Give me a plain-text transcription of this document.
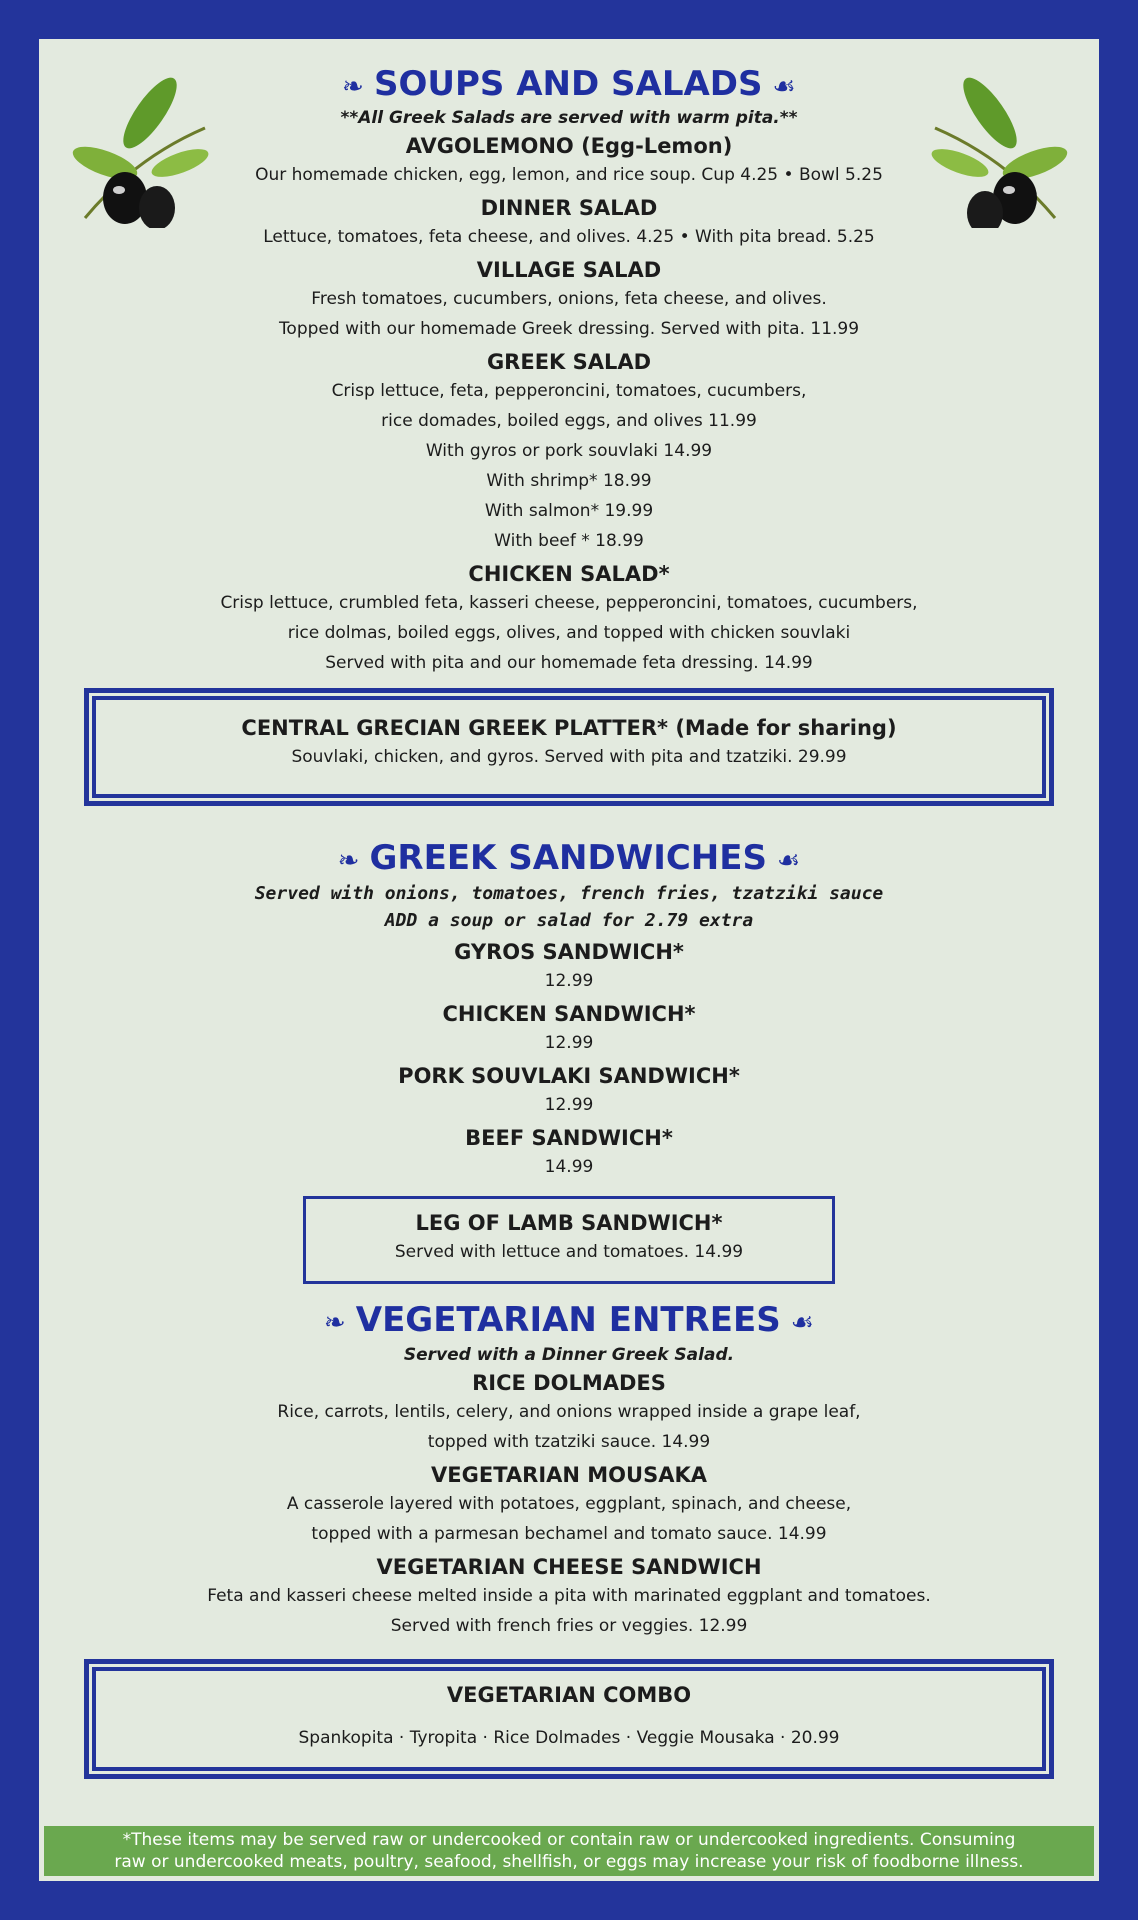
❧ SOUPS AND SALADS ☙

**All Greek Salads are served with warm pita.**

AVGOLEMONO (Egg-Lemon)

Our homemade chicken, egg, lemon, and rice soup. Cup 4.25 • Bowl 5.25

DINNER SALAD

Lettuce, tomatoes, feta cheese, and olives. 4.25 • With pita bread. 5.25

VILLAGE SALAD

Fresh tomatoes, cucumbers, onions, feta cheese, and olives.

Topped with our homemade Greek dressing. Served with pita. 11.99

GREEK SALAD

Crisp lettuce, feta, pepperoncini, tomatoes, cucumbers,

rice domades, boiled eggs, and olives 11.99

With gyros or pork souvlaki 14.99

With shrimp* 18.99

With salmon* 19.99

With beef * 18.99

CHICKEN SALAD*

Crisp lettuce, crumbled feta, kasseri cheese, pepperoncini, tomatoes, cucumbers,

rice dolmas, boiled eggs, olives, and topped with chicken souvlaki

Served with pita and our homemade feta dressing. 14.99

CENTRAL GRECIAN GREEK PLATTER* (Made for sharing)

Souvlaki, chicken, and gyros. Served with pita and tzatziki. 29.99

❧ GREEK SANDWICHES ☙

Served with onions, tomatoes, french fries, tzatziki sauce

ADD a soup or salad for 2.79 extra

GYROS SANDWICH*

12.99

CHICKEN SANDWICH*

12.99

PORK SOUVLAKI SANDWICH*

12.99

BEEF SANDWICH*

14.99

LEG OF LAMB SANDWICH*

Served with lettuce and tomatoes. 14.99

❧ VEGETARIAN ENTREES ☙

Served with a Dinner Greek Salad.

RICE DOLMADES

Rice, carrots, lentils, celery, and onions wrapped inside a grape leaf,

topped with tzatziki sauce. 14.99

VEGETARIAN MOUSAKA

A casserole layered with potatoes, eggplant, spinach, and cheese,

topped with a parmesan bechamel and tomato sauce. 14.99

VEGETARIAN CHEESE SANDWICH

Feta and kasseri cheese melted inside a pita with marinated eggplant and tomatoes.

Served with french fries or veggies. 12.99

VEGETARIAN COMBO

Spankopita · Tyropita · Rice Dolmades · Veggie Mousaka · 20.99

*These items may be served raw or undercooked or contain raw or undercooked ingredients. Consuming
raw or undercooked meats, poultry, seafood, shellfish, or eggs may increase your risk of foodborne illness.
